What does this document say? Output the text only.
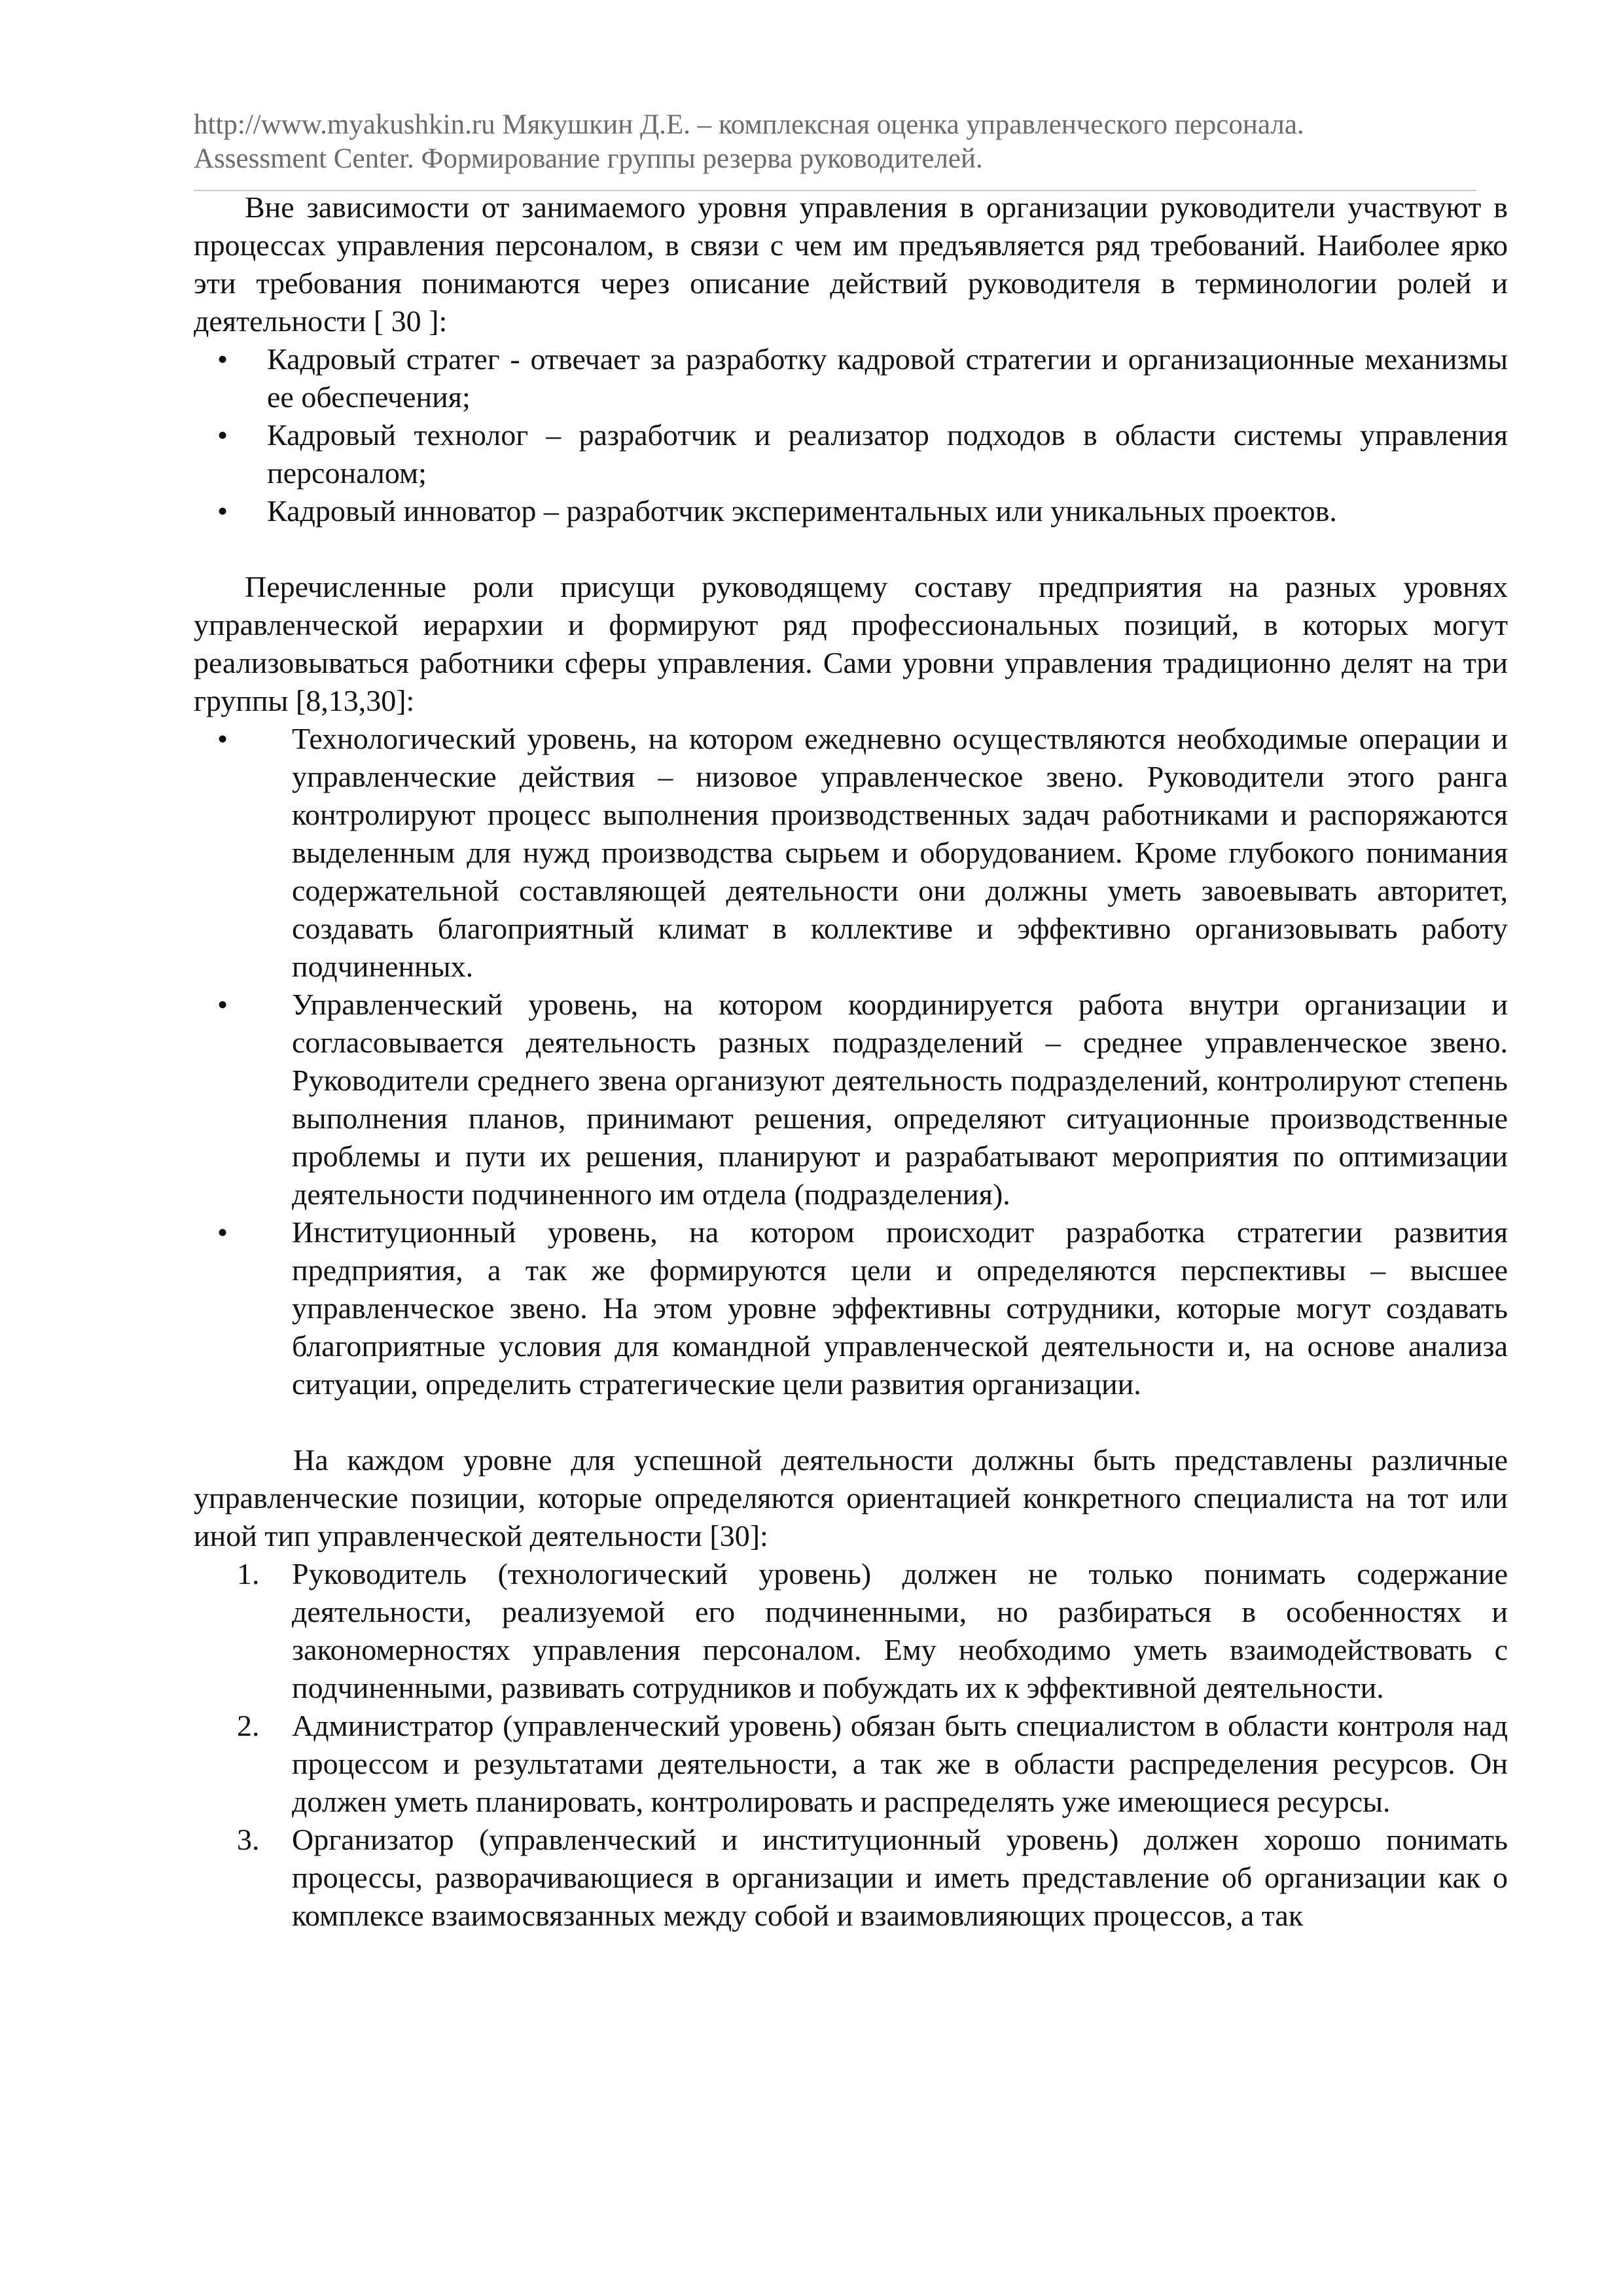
http://www.myakushkin.ru Мякушкин Д.Е. – комплексная оценка управленческого персонала.
Assessment Center. Формирование группы резерва руководителей.

Вне зависимости от занимаемого уровня управления в организации руководители участвуют в процессах управления персоналом, в связи с чем им предъявляется ряд требований. Наиболее ярко эти требования понимаются через описание действий руководителя в терминологии ролей и деятельности [ 30 ]:

• Кадровый стратег - отвечает за разработку кадровой стратегии и организационные механизмы ее обеспечения;
• Кадровый технолог – разработчик и реализатор подходов в области системы управления персоналом;
• Кадровый инноватор – разработчик экспериментальных или уникальных проектов.

Перечисленные роли присущи руководящему составу предприятия на разных уровнях управленческой иерархии и формируют ряд профессиональных позиций, в которых могут реализовываться работники сферы управления. Сами уровни управления традиционно делят на три группы [8,13,30]:

• Технологический уровень, на котором ежедневно осуществляются необходимые операции и управленческие действия – низовое управленческое звено. Руководители этого ранга контролируют процесс выполнения производственных задач работниками и распоряжаются выделенным для нужд производства сырьем и оборудованием. Кроме глубокого понимания содержательной составляющей деятельности они должны уметь завоевывать авторитет, создавать благоприятный климат в коллективе и эффективно организовывать работу подчиненных.
• Управленческий уровень, на котором координируется работа внутри организации и согласовывается деятельность разных подразделений – среднее управленческое звено. Руководители среднего звена организуют деятельность подразделений, контролируют степень выполнения планов, принимают решения, определяют ситуационные производственные проблемы и пути их решения, планируют и разрабатывают мероприятия по оптимизации деятельности подчиненного им отдела (подразделения).
• Институционный уровень, на котором происходит разработка стратегии развития предприятия, а так же формируются цели и определяются перспективы – высшее управленческое звено. На этом уровне эффективны сотрудники, которые могут создавать благоприятные условия для командной управленческой деятельности и, на основе анализа ситуации, определить стратегические цели развития организации.

На каждом уровне для успешной деятельности должны быть представлены различные управленческие позиции, которые определяются ориентацией конкретного специалиста на тот или иной тип управленческой деятельности [30]:

1. Руководитель (технологический уровень) должен не только понимать содержание деятельности, реализуемой его подчиненными, но разбираться в особенностях и закономерностях управления персоналом. Ему необходимо уметь взаимодействовать с подчиненными, развивать сотрудников и побуждать их к эффективной деятельности.
2. Администратор (управленческий уровень) обязан быть специалистом в области контроля над процессом и результатами деятельности, а так же в области распределения ресурсов. Он должен уметь планировать, контролировать и распределять уже имеющиеся ресурсы.
3. Организатор (управленческий и институционный уровень) должен хорошо понимать процессы, разворачивающиеся в организации и иметь представление об организации как о комплексе взаимосвязанных между собой и взаимовлияющих процессов, а так
